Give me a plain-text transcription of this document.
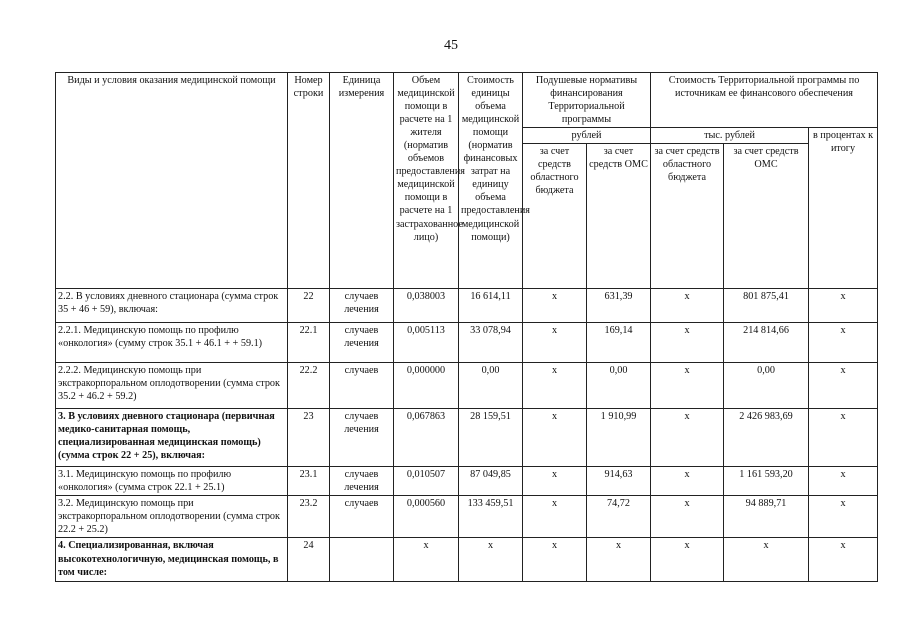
45
Виды и условия оказания медицинской помощи	Номер строки	Единица измерения	Объем медицинской помощи в расчете на 1 жителя (норматив объемов предоставления медицинской помощи в расчете на 1 застрахованное лицо)	Стоимость единицы объема медицинской помощи (норматив финансовых затрат на единицу объема предоставления медицинской помощи)	Подушевые нормативы финансирования Территориальной программы		Стоимость Территориальной программы по источникам ее финансового обеспечения		
					рублей		тыс. рублей		в процентах к итогу
					за счет средств областного бюджета	за счет средств ОМС	за счет средств областного бюджета	за счет средств ОМС	
2.2. В условиях дневного стационара (сумма строк 35 + 46 + 59), включая:	22	случаев лечения	0,038003	16 614,11	x	631,39	x	801 875,41	x
2.2.1. Медицинскую помощь по профилю «онкология» (сумму строк 35.1 + 46.1 + + 59.1)	22.1	случаев лечения	0,005113	33 078,94	x	169,14	x	214 814,66	x
2.2.2. Медицинскую помощь при экстракорпоральном оплодотворении (сумма строк 35.2 + 46.2 + 59.2)	22.2	случаев	0,000000	0,00	x	0,00	x	0,00	x
3. В условиях дневного стационара (первичная медико-санитарная помощь, специализированная медицинская помощь) (сумма строк 22 + 25), включая:	23	случаев лечения	0,067863	28 159,51	x	1 910,99	x	2 426 983,69	x
3.1. Медицинскую помощь по профилю «онкология» (сумма строк 22.1 + 25.1)	23.1	случаев лечения	0,010507	87 049,85	x	914,63	x	1 161 593,20	x
3.2. Медицинскую помощь при экстракорпоральном оплодотворении (сумма строк 22.2 + 25.2)	23.2	случаев	0,000560	133 459,51	x	74,72	x	94 889,71	x
4. Специализированная, включая высокотехнологичную, медицинская помощь, в том числе:	24		x	x	x	x	x	x	x
